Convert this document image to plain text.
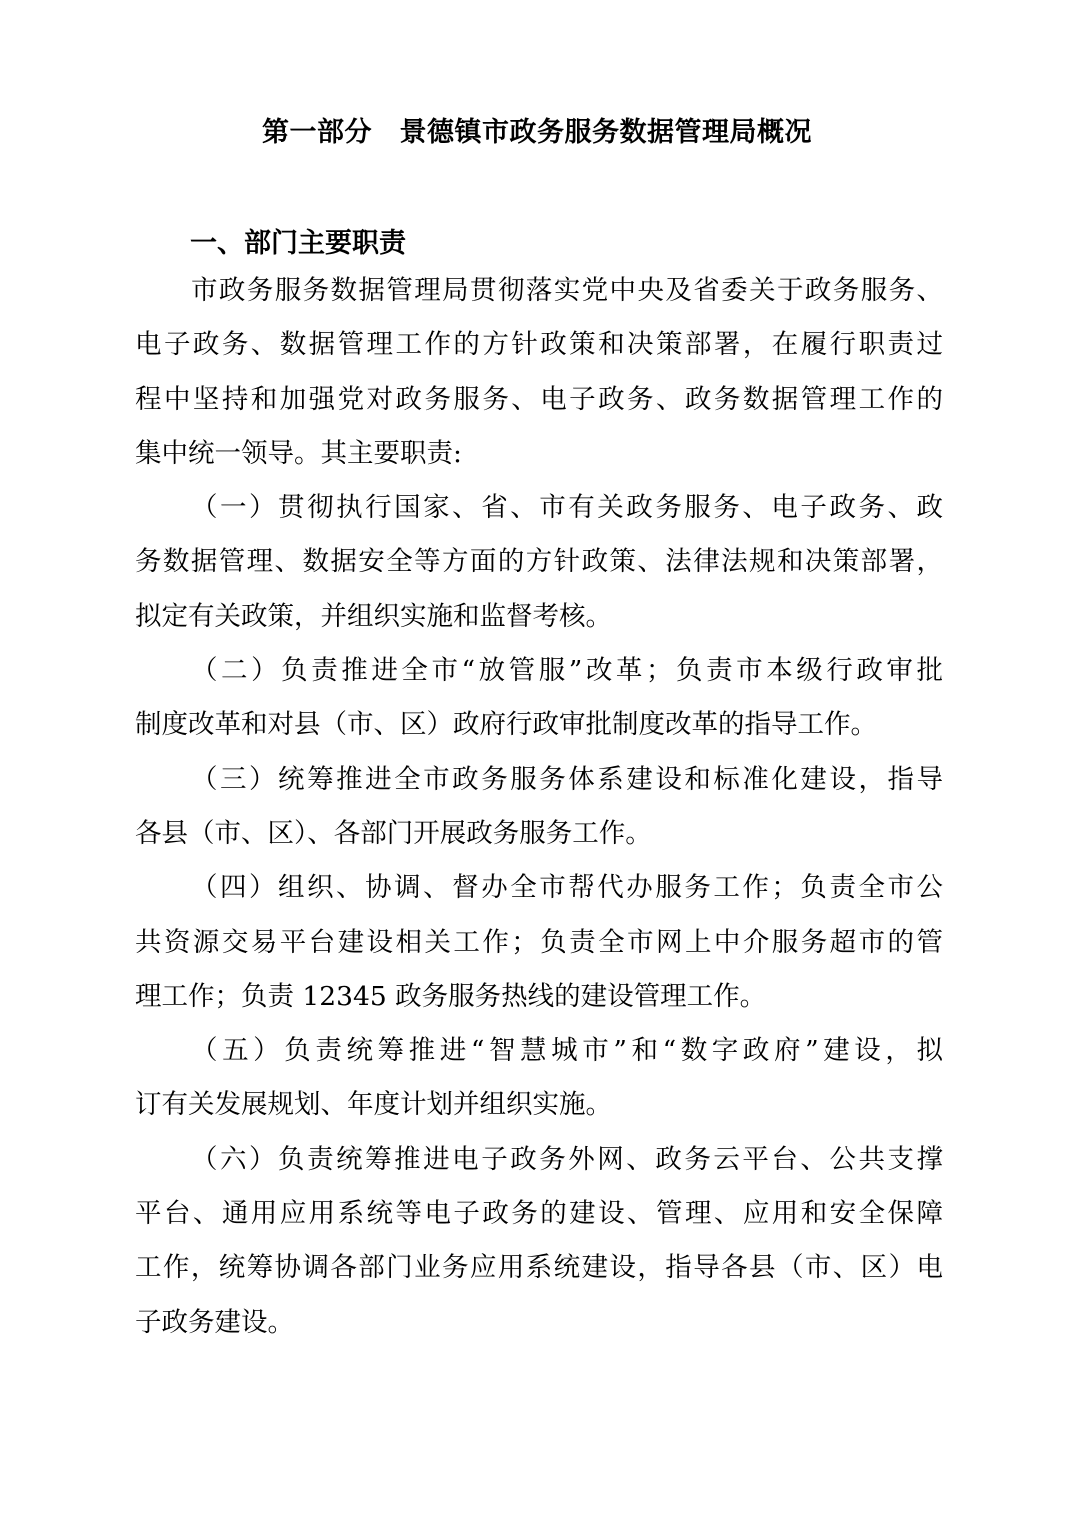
第一部分　景德镇市政务服务数据管理局概况
一、部门主要职责
市政务服务数据管理局贯彻落实党中央及省委关于政务服务、
电子政务、数据管理工作的方针政策和决策部署，在履行职责过
程中坚持和加强党对政务服务、电子政务、政务数据管理工作的
集中统一领导。其主要职责:
（一）贯彻执行国家、省、市有关政务服务、电子政务、政
务数据管理、数据安全等方面的方针政策、法律法规和决策部署，
拟定有关政策，并组织实施和监督考核。
（二）负责推进全市“放管服”改革；负责市本级行政审批
制度改革和对县（市、区）政府行政审批制度改革的指导工作。
（三）统筹推进全市政务服务体系建设和标准化建设，指导
各县（市、区）、各部门开展政务服务工作。
（四）组织、协调、督办全市帮代办服务工作；负责全市公
共资源交易平台建设相关工作；负责全市网上中介服务超市的管
理工作；负责 12345 政务服务热线的建设管理工作。
（五）负责统筹推进“智慧城市”和“数字政府”建设，拟
订有关发展规划、年度计划并组织实施。
（六）负责统筹推进电子政务外网、政务云平台、公共支撑
平台、通用应用系统等电子政务的建设、管理、应用和安全保障
工作，统筹协调各部门业务应用系统建设，指导各县（市、区）电
子政务建设。
